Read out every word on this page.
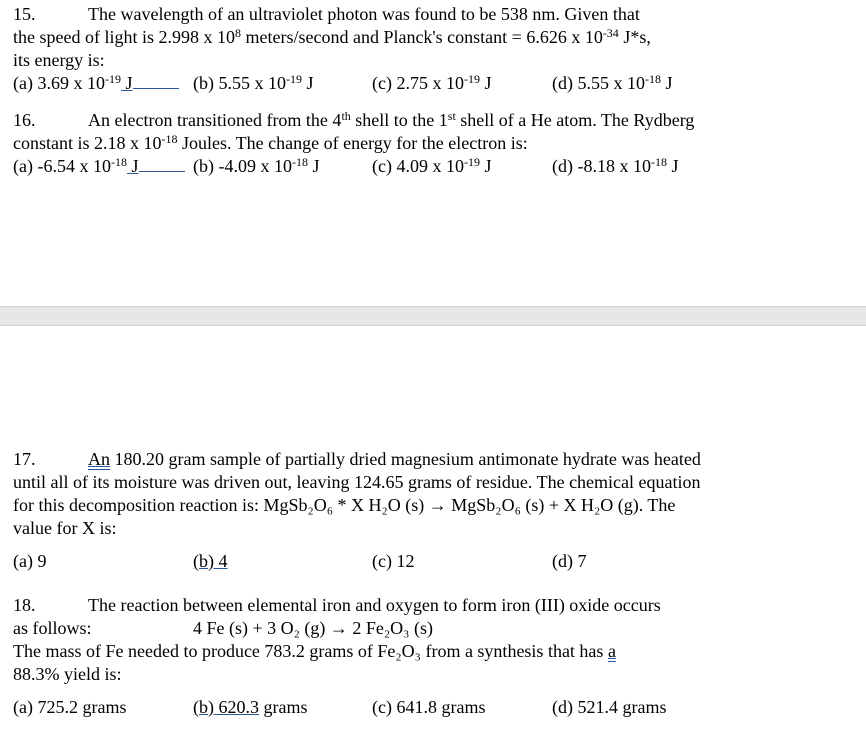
15.	The wavelength of an ultraviolet photon was found to be 538 nm. Given that
the speed of light is 2.998 x $10^8$ meters/second and Planck's constant = 6.626 x $10^{-34}$ J*s,
its energy is:
(a) 3.69 x $10^{-19}$ J	(b) 5.55 x $10^{-19}$ J	(c) 2.75 x $10^{-19}$ J	(d) 5.55 x $10^{-18}$ J
16.	An electron transitioned from the 4th shell to the 1st shell of a He atom. The Rydberg
constant is 2.18 x $10^{-18}$ Joules. The change of energy for the electron is:
(a) -6.54 x $10^{-18}$ J	(b) -4.09 x $10^{-18}$ J	(c) 4.09 x $10^{-19}$ J	(d) -8.18 x $10^{-18}$ J
17.	An 180.20 gram sample of partially dried magnesium antimonate hydrate was heated
until all of its moisture was driven out, leaving 124.65 grams of residue. The chemical equation
for this decomposition reaction is: MgSb₂O₆ * X H₂O (s) → MgSb₂O₆ (s) + X H₂O (g). The
value for X is:
(a) 9	(b) 4	(c) 12	(d) 7
18.	The reaction between elemental iron and oxygen to form iron (III) oxide occurs
as follows:	4 Fe (s) + 3 O₂ (g) → 2 Fe₂O₃ (s)
The mass of Fe needed to produce 783.2 grams of Fe₂O₃ from a synthesis that has a
88.3% yield is:
(a) 725.2 grams	(b) 620.3 grams	(c) 641.8 grams	(d) 521.4 grams
